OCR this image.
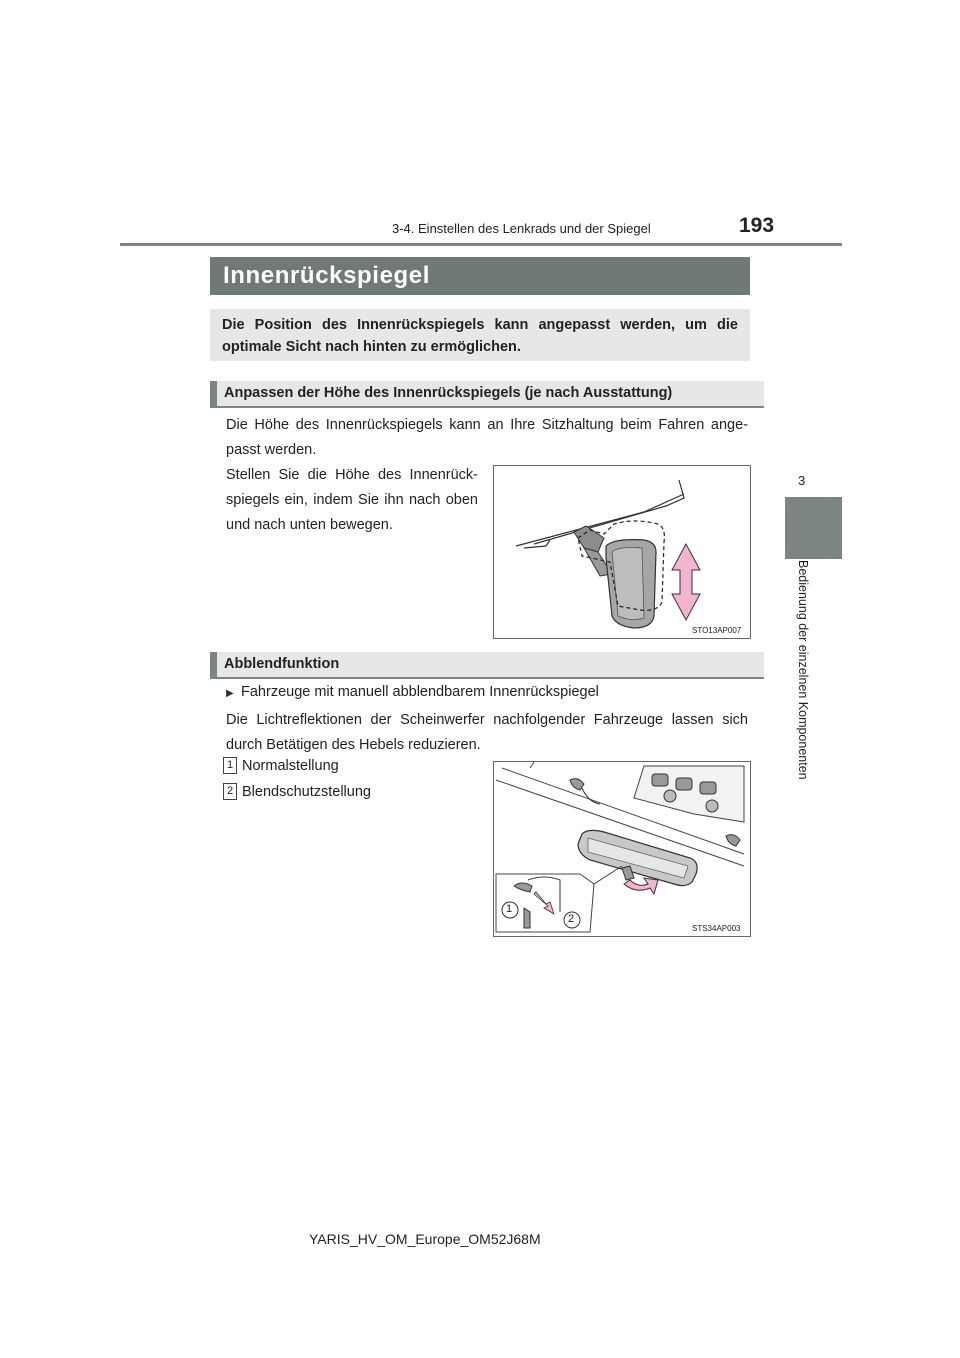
3-4. Einstellen des Lenkrads und der Spiegel	193
3
Bedienung der einzelnen Komponenten
Innenrückspiegel
Die Position des Innenrückspiegels kann angepasst werden, um die optimale Sicht nach hinten zu ermöglichen.
Anpassen der Höhe des Innenrückspiegels (je nach Ausstattung)
Die Höhe des Innenrückspiegels kann an Ihre Sitzhaltung beim Fahren ange-passt werden.
Stellen Sie die Höhe des Innenrück-spiegels ein, indem Sie ihn nach oben und nach unten bewegen.
STO13AP007
Abblendfunktion
▶ Fahrzeuge mit manuell abblendbarem Innenrückspiegel
Die Lichtreflektionen der Scheinwerfer nachfolgender Fahrzeuge lassen sich durch Betätigen des Hebels reduzieren.
1 Normalstellung
2 Blendschutzstellung
1
2
STS34AP003
YARIS_HV_OM_Europe_OM52J68M
